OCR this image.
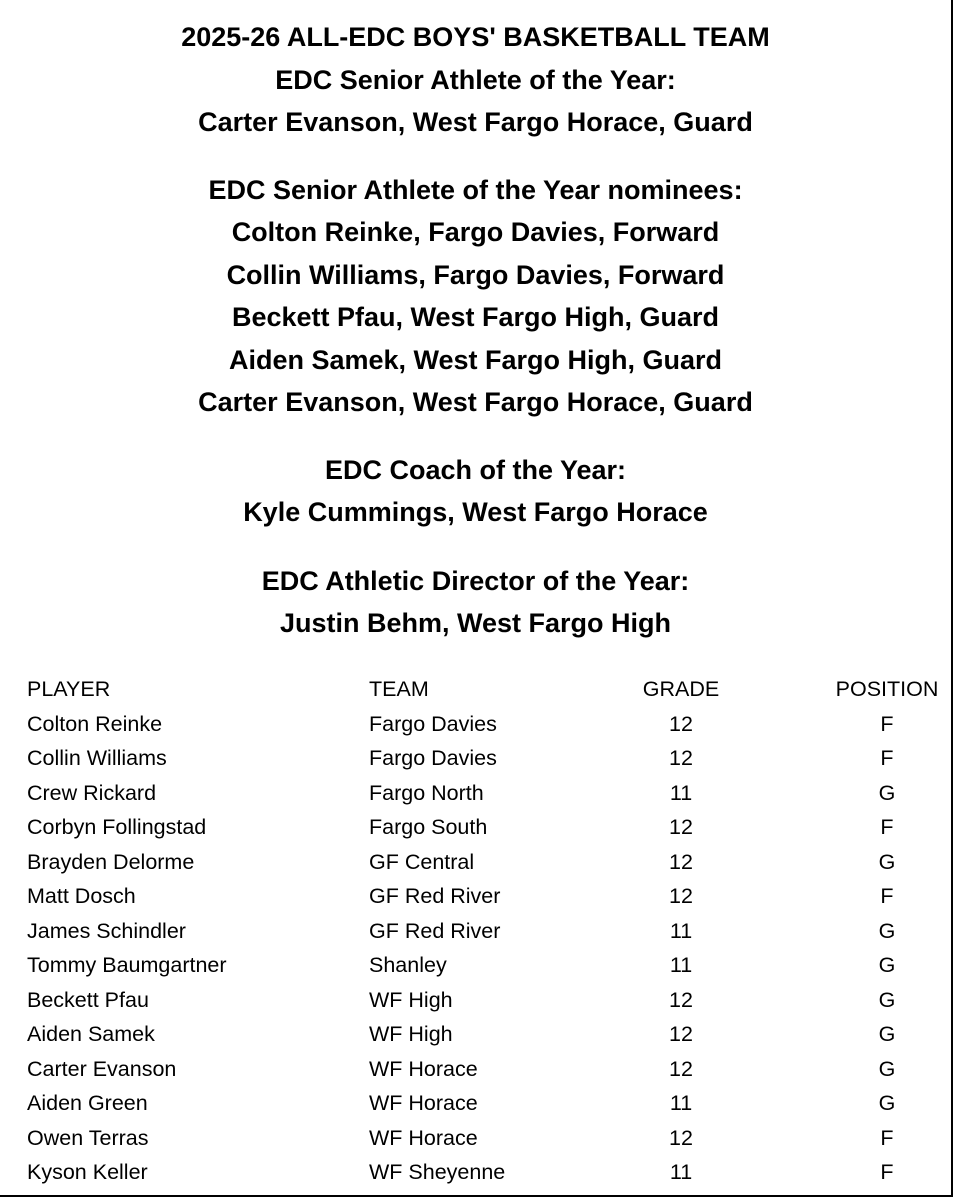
2025-26 ALL-EDC BOYS' BASKETBALL TEAM
EDC Senior Athlete of the Year:
Carter Evanson, West Fargo Horace, Guard
EDC Senior Athlete of the Year nominees:
Colton Reinke, Fargo Davies, Forward
Collin Williams, Fargo Davies, Forward
Beckett Pfau, West Fargo High, Guard
Aiden Samek, West Fargo High, Guard
Carter Evanson, West Fargo Horace, Guard
EDC Coach of the Year:
Kyle Cummings, West Fargo Horace
EDC Athletic Director of the Year:
Justin Behm, West Fargo High
PLAYER	TEAM	GRADE	POSITION
Colton Reinke	Fargo Davies	12	F
Collin Williams	Fargo Davies	12	F
Crew Rickard	Fargo North	11	G
Corbyn Follingstad	Fargo South	12	F
Brayden Delorme	GF Central	12	G
Matt Dosch	GF Red River	12	F
James Schindler	GF Red River	11	G
Tommy Baumgartner	Shanley	11	G
Beckett Pfau	WF High	12	G
Aiden Samek	WF High	12	G
Carter Evanson	WF Horace	12	G
Aiden Green	WF Horace	11	G
Owen Terras	WF Horace	12	F
Kyson Keller	WF Sheyenne	11	F
